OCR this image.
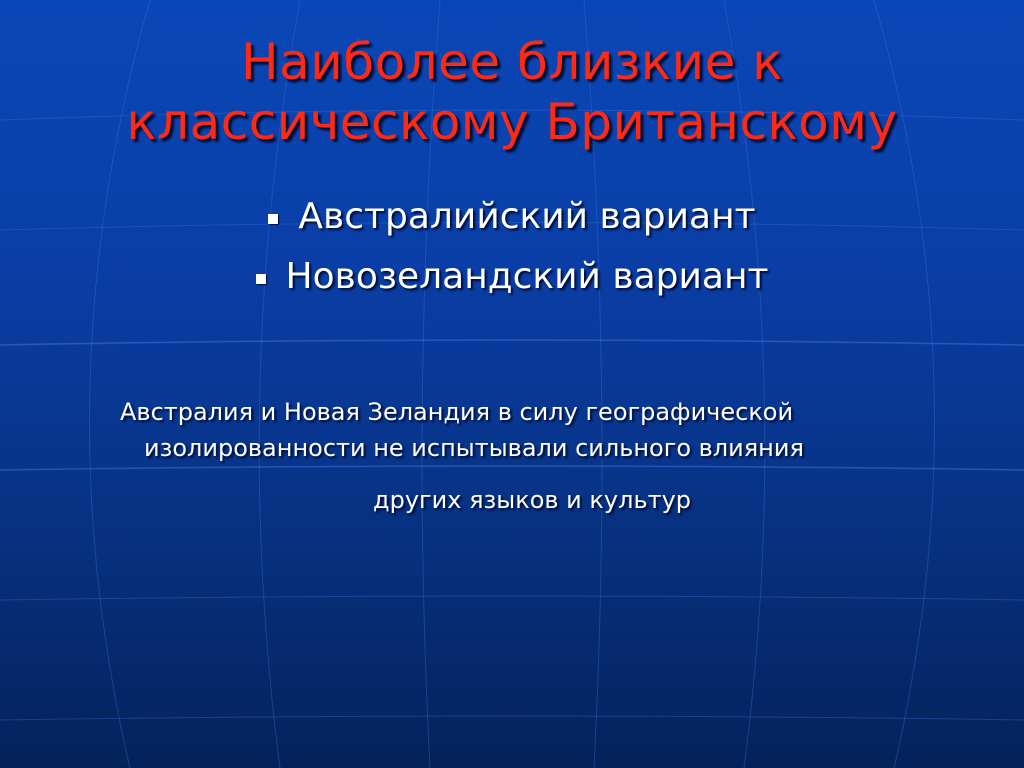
Наиболее близкие к
классическому Британскому
Австралийский вариант
Новозеландский вариант
Австралия и Новая Зеландия в силу географической
изолированности не испытывали сильного влияния
других языков и культур
